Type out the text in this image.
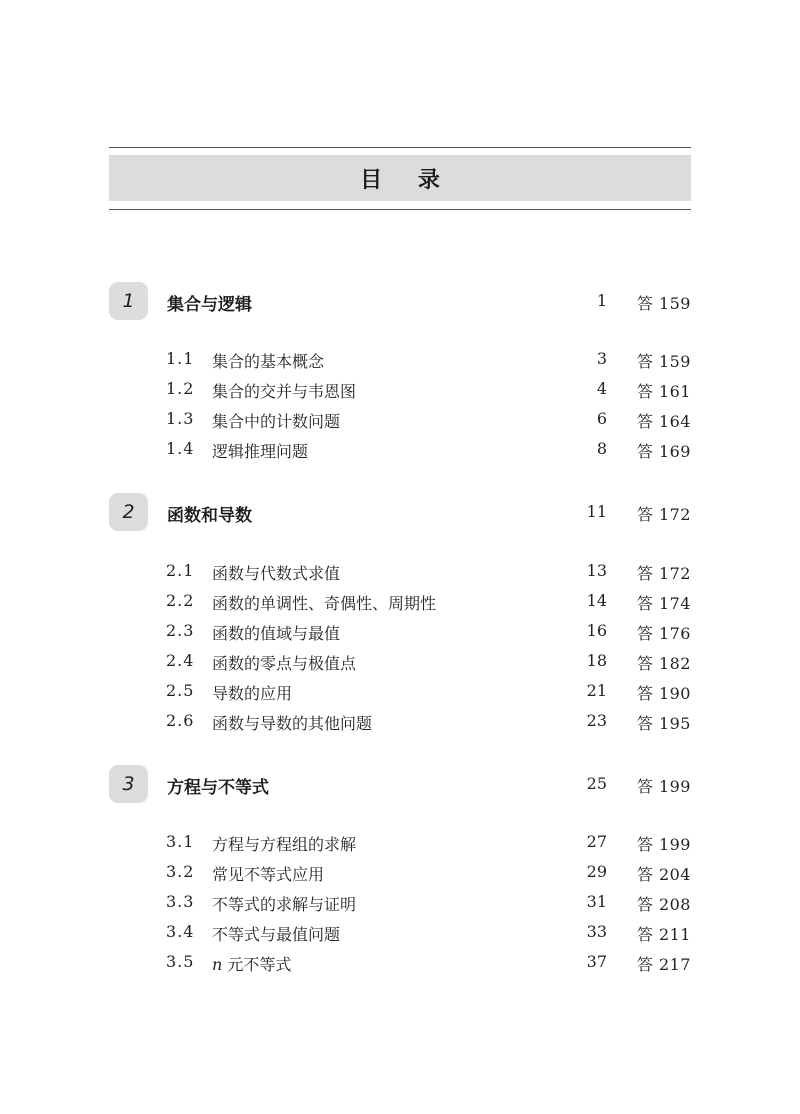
目 录
1	集合与逻辑	1 答 159
1.1 集合的基本概念	3 答 159
1.2 集合的交并与韦恩图	4 答 161
1.3 集合中的计数问题	6 答 164
1.4 逻辑推理问题	8 答 169
2	函数和导数	11 答 172
2.1 函数与代数式求值	13 答 172
2.2 函数的单调性、奇偶性、周期性	14 答 174
2.3 函数的值域与最值	16 答 176
2.4 函数的零点与极值点	18 答 182
2.5 导数的应用	21 答 190
2.6 函数与导数的其他问题	23 答 195
3	方程与不等式	25 答 199
3.1 方程与方程组的求解	27 答 199
3.2 常见不等式应用	29 答 204
3.3 不等式的求解与证明	31 答 208
3.4 不等式与最值问题	33 答 211
3.5 n 元不等式	37 答 217
